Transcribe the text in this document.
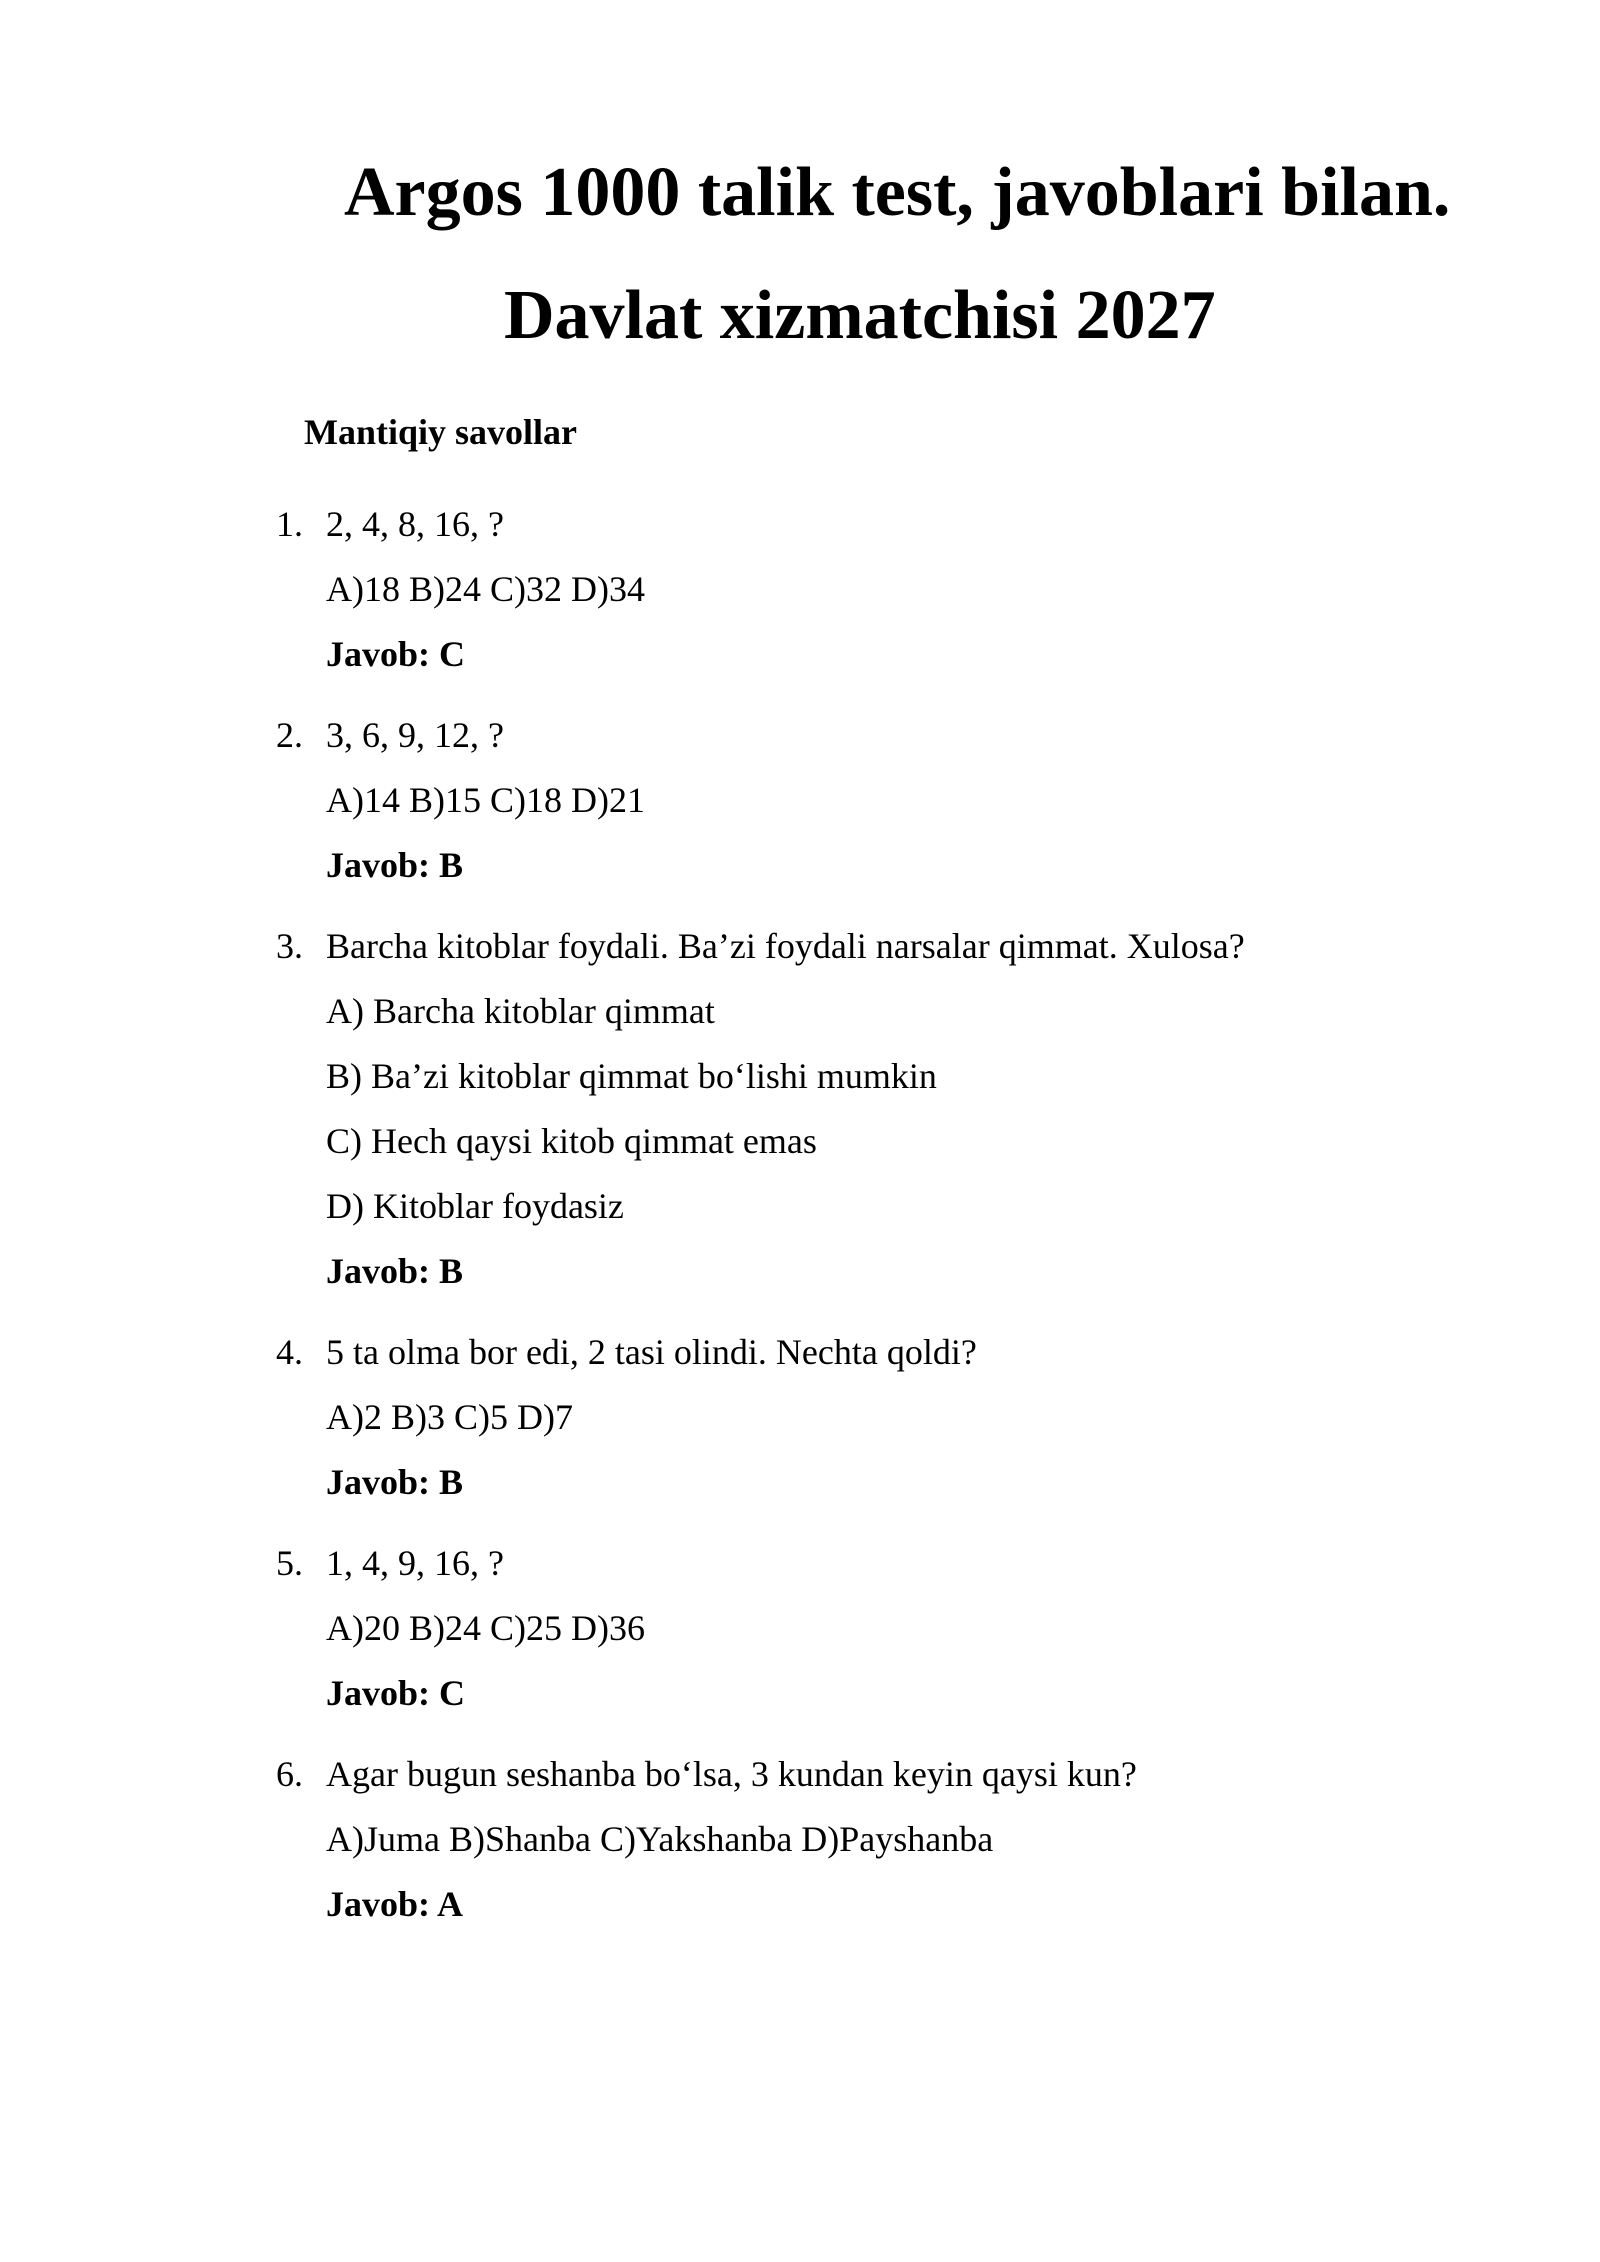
Argos 1000 talik test, javoblari bilan.
Davlat xizmatchisi 2027
Mantiqiy savollar
1. 2, 4, 8, 16, ?
A)18 B)24 C)32 D)34
Javob: C
2. 3, 6, 9, 12, ?
A)14 B)15 C)18 D)21
Javob: B
3. Barcha kitoblar foydali. Ba’zi foydali narsalar qimmat. Xulosa?
A) Barcha kitoblar qimmat
B) Ba’zi kitoblar qimmat bo‘lishi mumkin
C) Hech qaysi kitob qimmat emas
D) Kitoblar foydasiz
Javob: B
4. 5 ta olma bor edi, 2 tasi olindi. Nechta qoldi?
A)2 B)3 C)5 D)7
Javob: B
5. 1, 4, 9, 16, ?
A)20 B)24 C)25 D)36
Javob: C
6. Agar bugun seshanba bo‘lsa, 3 kundan keyin qaysi kun?
A)Juma B)Shanba C)Yakshanba D)Payshanba
Javob: A
